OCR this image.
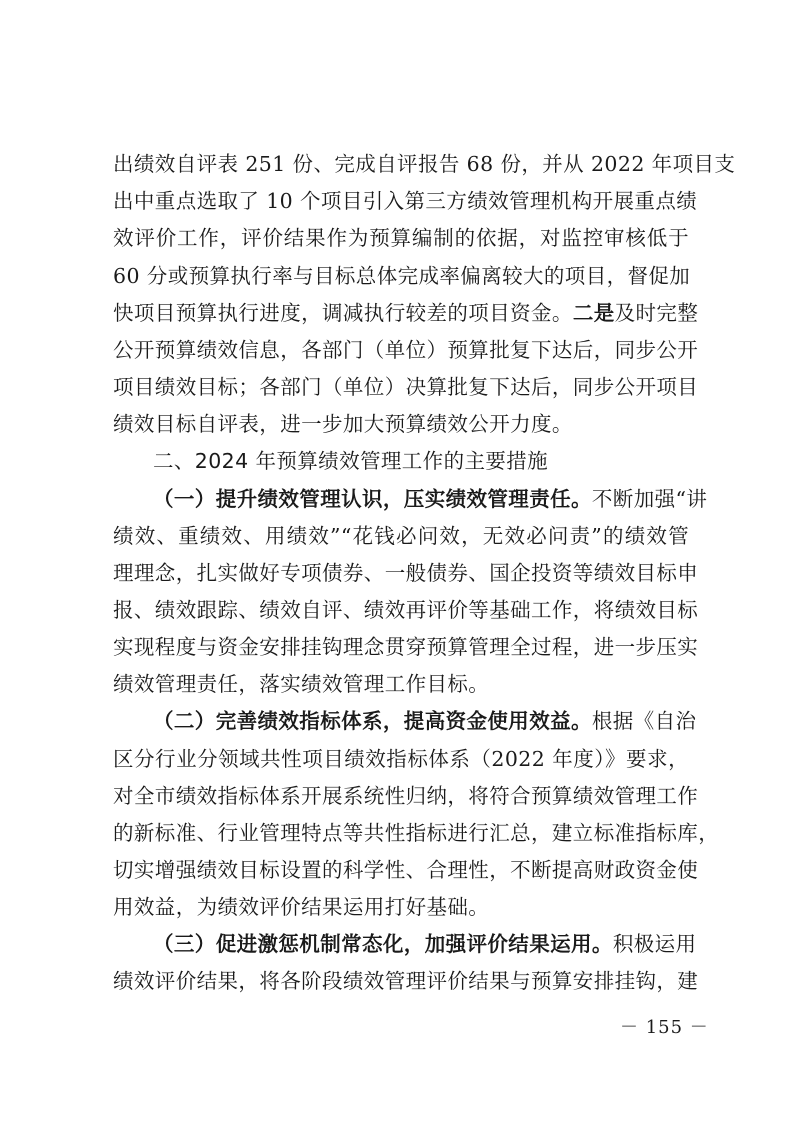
出绩效自评表 251 份、完成自评报告 68 份，并从 2022 年项目支
出中重点选取了 10 个项目引入第三方绩效管理机构开展重点绩
效评价工作，评价结果作为预算编制的依据，对监控审核低于
60 分或预算执行率与目标总体完成率偏离较大的项目，督促加
快项目预算执行进度，调减执行较差的项目资金。二是及时完整
公开预算绩效信息，各部门（单位）预算批复下达后，同步公开
项目绩效目标；各部门（单位）决算批复下达后，同步公开项目
绩效目标自评表，进一步加大预算绩效公开力度。
二、2024 年预算绩效管理工作的主要措施
（一）提升绩效管理认识，压实绩效管理责任。不断加强“讲
绩效、重绩效、用绩效”“花钱必问效，无效必问责”的绩效管
理理念，扎实做好专项债券、一般债券、国企投资等绩效目标申
报、绩效跟踪、绩效自评、绩效再评价等基础工作，将绩效目标
实现程度与资金安排挂钩理念贯穿预算管理全过程，进一步压实
绩效管理责任，落实绩效管理工作目标。
（二）完善绩效指标体系，提高资金使用效益。根据《自治
区分行业分领域共性项目绩效指标体系（2022 年度）》要求，
对全市绩效指标体系开展系统性归纳，将符合预算绩效管理工作
的新标准、行业管理特点等共性指标进行汇总，建立标准指标库，
切实增强绩效目标设置的科学性、合理性，不断提高财政资金使
用效益，为绩效评价结果运用打好基础。
（三）促进激惩机制常态化，加强评价结果运用。积极运用
绩效评价结果，将各阶段绩效管理评价结果与预算安排挂钩，建
－ 155 －
